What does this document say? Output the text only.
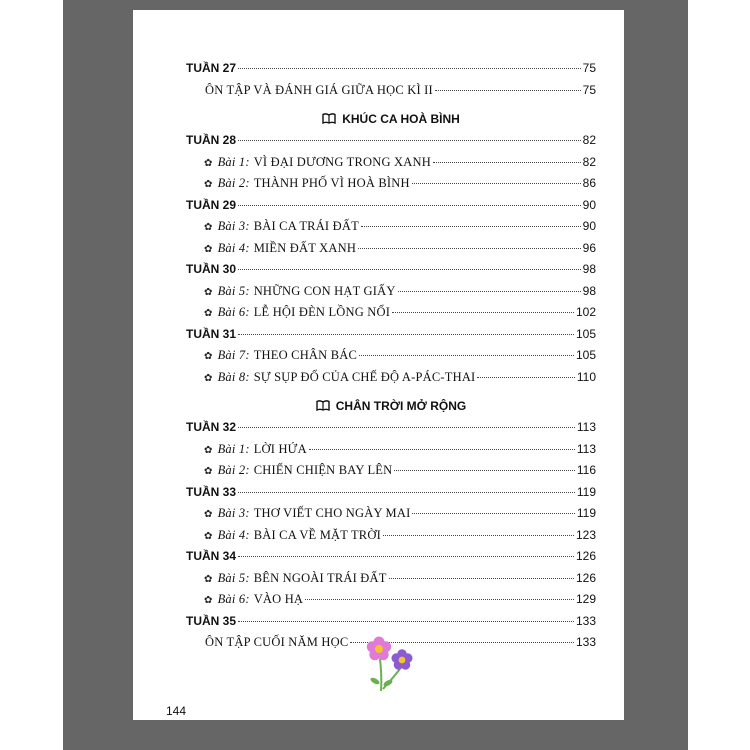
TUẦN 27	75
ÔN TẬP VÀ ĐÁNH GIÁ GIỮA HỌC KÌ II	75
KHÚC CA HOÀ BÌNH
TUẦN 28	82
✿ Bài 1: VÌ ĐẠI DƯƠNG TRONG XANH	82
✿ Bài 2: THÀNH PHỐ VÌ HOÀ BÌNH	86
TUẦN 29	90
✿ Bài 3: BÀI CA TRÁI ĐẤT	90
✿ Bài 4: MIỀN ĐẤT XANH	96
TUẦN 30	98
✿ Bài 5: NHỮNG CON HẠT GIẤY	98
✿ Bài 6: LỄ HỘI ĐÈN LỒNG NỔI	102
TUẦN 31	105
✿ Bài 7: THEO CHÂN BÁC	105
✿ Bài 8: SỰ SỤP ĐỔ CỦA CHẾ ĐỘ A-PÁC-THAI	110
CHÂN TRỜI MỞ RỘNG
TUẦN 32	113
✿ Bài 1: LỜI HỨA	113
✿ Bài 2: CHIẾN CHIỆN BAY LÊN	116
TUẦN 33	119
✿ Bài 3: THƠ VIẾT CHO NGÀY MAI	119
✿ Bài 4: BÀI CA VỀ MẶT TRỜI	123
TUẦN 34	126
✿ Bài 5: BÊN NGOÀI TRÁI ĐẤT	126
✿ Bài 6: VÀO HẠ	129
TUẦN 35	133
ÔN TẬP CUỐI NĂM HỌC	133
144
